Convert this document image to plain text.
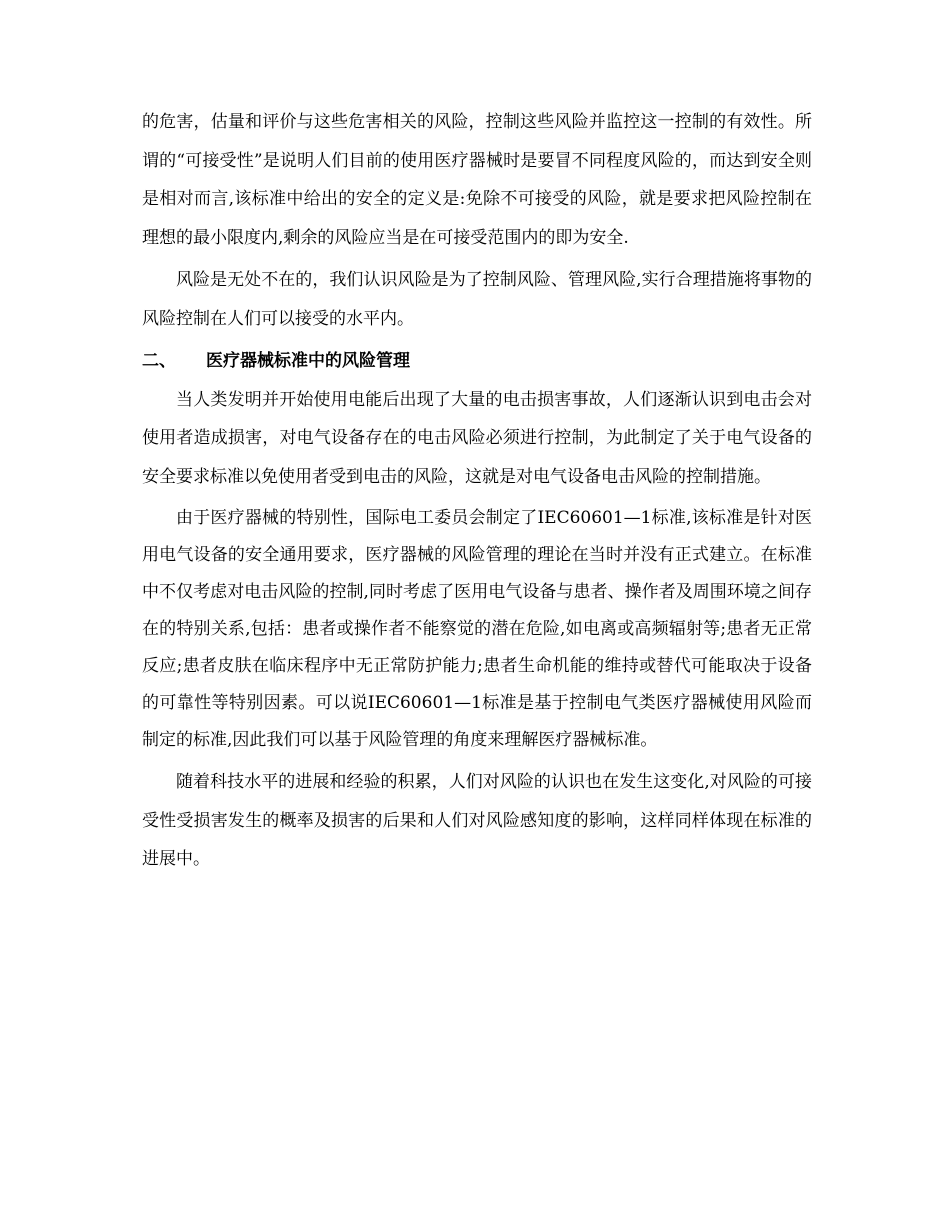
的危害，估量和评价与这些危害相关的风险，控制这些风险并监控这一控制的有效性。所谓的“可接受性”是说明人们目前的使用医疗器械时是要冒不同程度风险的，而达到安全则是相对而言,该标准中给出的安全的定义是:免除不可接受的风险，就是要求把风险控制在理想的最小限度内,剩余的风险应当是在可接受范围内的即为安全.

风险是无处不在的，我们认识风险是为了控制风险、管理风险,实行合理措施将事物的风险控制在人们可以接受的水平内。

二、	医疗器械标准中的风险管理

当人类发明并开始使用电能后出现了大量的电击损害事故，人们逐渐认识到电击会对使用者造成损害，对电气设备存在的电击风险必须进行控制，为此制定了关于电气设备的安全要求标准以免使用者受到电击的风险，这就是对电气设备电击风险的控制措施。

由于医疗器械的特别性，国际电工委员会制定了IEC60601—1标准,该标准是针对医用电气设备的安全通用要求，医疗器械的风险管理的理论在当时并没有正式建立。在标准中不仅考虑对电击风险的控制,同时考虑了医用电气设备与患者、操作者及周围环境之间存在的特别关系,包括：患者或操作者不能察觉的潜在危险,如电离或高频辐射等;患者无正常反应;患者皮肤在临床程序中无正常防护能力;患者生命机能的维持或替代可能取决于设备的可靠性等特别因素。可以说IEC60601—1标准是基于控制电气类医疗器械使用风险而制定的标准,因此我们可以基于风险管理的角度来理解医疗器械标准。

随着科技水平的进展和经验的积累，人们对风险的认识也在发生这变化,对风险的可接受性受损害发生的概率及损害的后果和人们对风险感知度的影响，这样同样体现在标准的进展中。
